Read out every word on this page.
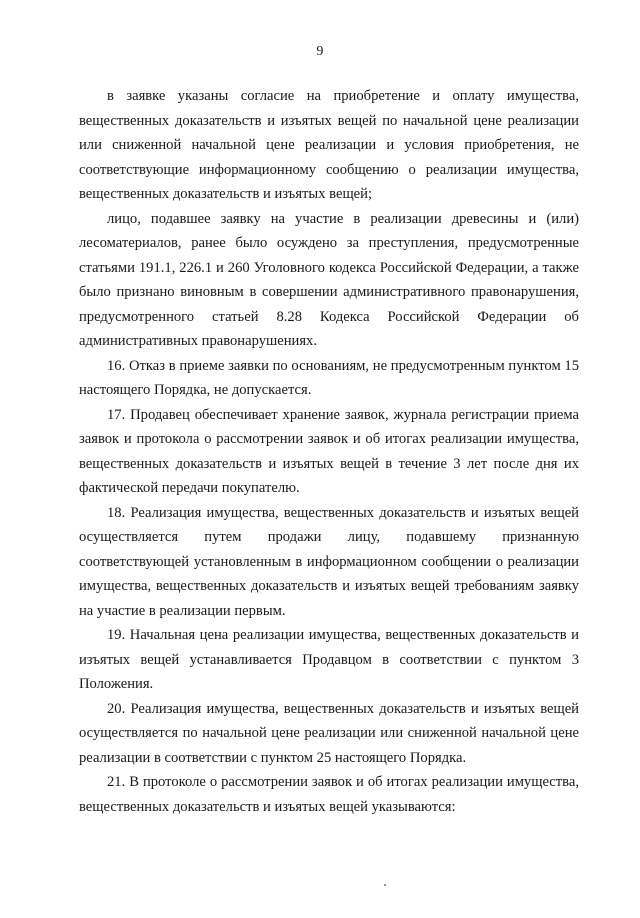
9

в заявке указаны согласие на приобретение и оплату имущества, вещественных доказательств и изъятых вещей по начальной цене реализации или сниженной начальной цене реализации и условия приобретения, не соответствующие информационному сообщению о реализации имущества, вещественных доказательств и изъятых вещей;

лицо, подавшее заявку на участие в реализации древесины и (или) лесоматериалов, ранее было осуждено за преступления, предусмотренные статьями 191.1, 226.1 и 260 Уголовного кодекса Российской Федерации, а также было признано виновным в совершении административного правонарушения, предусмотренного статьей 8.28 Кодекса Российской Федерации об административных правонарушениях.

16. Отказ в приеме заявки по основаниям, не предусмотренным пунктом 15 настоящего Порядка, не допускается.

17. Продавец обеспечивает хранение заявок, журнала регистрации приема заявок и протокола о рассмотрении заявок и об итогах реализации имущества, вещественных доказательств и изъятых вещей в течение 3 лет после дня их фактической передачи покупателю.

18. Реализация имущества, вещественных доказательств и изъятых вещей осуществляется путем продажи лицу, подавшему признанную соответствующей установленным в информационном сообщении о реализации имущества, вещественных доказательств и изъятых вещей требованиям заявку на участие в реализации первым.

19. Начальная цена реализации имущества, вещественных доказательств и изъятых вещей устанавливается Продавцом в соответствии с пунктом 3 Положения.

20. Реализация имущества, вещественных доказательств и изъятых вещей осуществляется по начальной цене реализации или сниженной начальной цене реализации в соответствии с пунктом 25 настоящего Порядка.

21. В протоколе о рассмотрении заявок и об итогах реализации имущества, вещественных доказательств и изъятых вещей указываются:
